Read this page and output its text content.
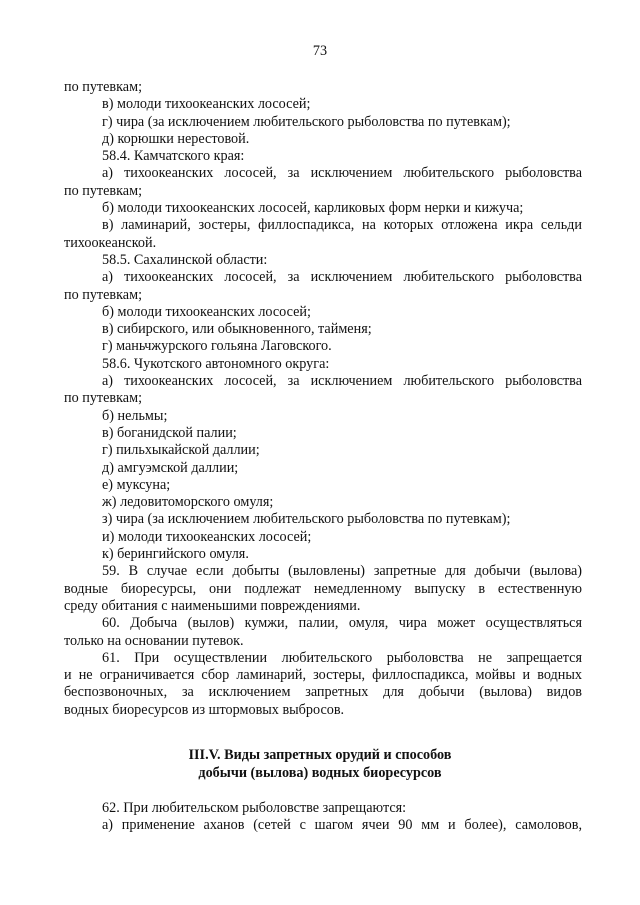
73
по путевкам;
в) молоди тихоокеанских лососей;
г) чира (за исключением любительского рыболовства по путевкам);
д) корюшки нерестовой.
58.4. Камчатского края:
а) тихоокеанских лососей, за исключением любительского рыболовства
по путевкам;
б) молоди тихоокеанских лососей, карликовых форм нерки и кижуча;
в) ламинарий, зостеры, филлоспадикса, на которых отложена икра сельди
тихоокеанской.
58.5. Сахалинской области:
а) тихоокеанских лососей, за исключением любительского рыболовства
по путевкам;
б) молоди тихоокеанских лососей;
в) сибирского, или обыкновенного, тайменя;
г) маньчжурского гольяна Лаговского.
58.6. Чукотского автономного округа:
а) тихоокеанских лососей, за исключением любительского рыболовства
по путевкам;
б) нельмы;
в) боганидской палии;
г) пильхыкайской даллии;
д) амгуэмской даллии;
е) муксуна;
ж) ледовитоморского омуля;
з) чира (за исключением любительского рыболовства по путевкам);
и) молоди тихоокеанских лососей;
к) берингийского омуля.
59. В случае если добыты (выловлены) запретные для добычи (вылова)
водные биоресурсы, они подлежат немедленному выпуску в естественную
среду обитания с наименьшими повреждениями.
60. Добыча (вылов) кумжи, палии, омуля, чира может осуществляться
только на основании путевок.
61. При осуществлении любительского рыболовства не запрещается
и не ограничивается сбор ламинарий, зостеры, филлоспадикса, мойвы и водных
беспозвоночных, за исключением запретных для добычи (вылова) видов
водных биоресурсов из штормовых выбросов.
III.V. Виды запретных орудий и способов
добычи (вылова) водных биоресурсов
62. При любительском рыболовстве запрещаются:
а) применение аханов (сетей с шагом ячеи 90 мм и более), самоловов,
